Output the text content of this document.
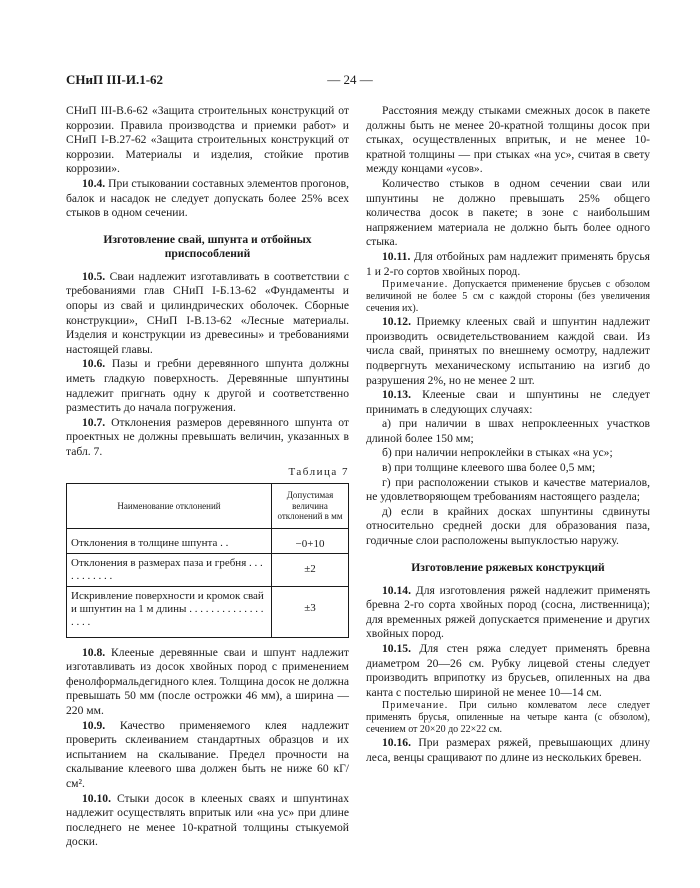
СНиП III-И.1-62	— 24 —

СНиП III-В.6-62 «Защита строительных конструкций от коррозии. Правила производства и приемки работ» и СНиП I-В.27-62 «Защита строительных конструкций от коррозии. Материалы и изделия, стойкие против коррозии».

10.4. При стыковании составных элементов прогонов, балок и насадок не следует допускать более 25% всех стыков в одном сечении.

Изготовление свай, шпунта и отбойных приспособлений

10.5. Сваи надлежит изготавливать в соответствии с требованиями глав СНиП I-Б.13-62 «Фундаменты и опоры из свай и цилиндрических оболочек. Сборные конструкции», СНиП I-В.13-62 «Лесные материалы. Изделия и конструкции из древесины» и требованиями настоящей главы.

10.6. Пазы и гребни деревянного шпунта должны иметь гладкую поверхность. Деревянные шпунтины надлежит пригнать одну к другой и соответственно разместить до начала погружения.

10.7. Отклонения размеров деревянного шпунта от проектных не должны превышать величин, указанных в табл. 7.

Таблица 7
Наименование отклонений	Допустимая величина отклонений в мм
Отклонения в толщине шпунта . .	−0+10
Отклонения в размерах паза и гребня . . . . . . . . . . .	±2
Искривление поверхности и кромок свай и шпунтин на 1 м длины . . . . . . . . . . . . . . . . . .	±3

10.8. Клееные деревянные сваи и шпунт надлежит изготавливать из досок хвойных пород с применением фенолформальдегидного клея. Толщина досок не должна превышать 50 мм (после острожки 46 мм), а ширина — 220 мм.

10.9. Качество применяемого клея надлежит проверить склеиванием стандартных образцов и их испытанием на скалывание. Предел прочности на скалывание клеевого шва должен быть не ниже 60 кГ/см².

10.10. Стыки досок в клееных сваях и шпунтинах надлежит осуществлять впритык или «на ус» при длине последнего не менее 10-кратной толщины стыкуемой доски.

Расстояния между стыками смежных досок в пакете должны быть не менее 20-кратной толщины досок при стыках, осуществленных впритык, и не менее 10-кратной толщины — при стыках «на ус», считая в свету между концами «усов».

Количество стыков в одном сечении сваи или шпунтины не должно превышать 25% общего количества досок в пакете; в зоне с наибольшим напряжением материала не должно быть более одного стыка.

10.11. Для отбойных рам надлежит применять брусья 1 и 2-го сортов хвойных пород.

Примечание. Допускается применение брусьев с обзолом величиной не более 5 см с каждой стороны (без увеличения сечения их).

10.12. Приемку клееных свай и шпунтин надлежит производить освидетельствованием каждой сваи. Из числа свай, принятых по внешнему осмотру, надлежит подвергнуть механическому испытанию на изгиб до разрушения 2%, но не менее 2 шт.

10.13. Клееные сваи и шпунтины не следует принимать в следующих случаях:

а) при наличии в швах непроклеенных участков длиной более 150 мм;

б) при наличии непроклейки в стыках «на ус»;

в) при толщине клеевого шва более 0,5 мм;

г) при расположении стыков и качестве материалов, не удовлетворяющем требованиям настоящего раздела;

д) если в крайних досках шпунтины сдвинуты относительно средней доски для образования паза, годичные слои расположены выпуклостью наружу.

Изготовление ряжевых конструкций

10.14. Для изготовления ряжей надлежит применять бревна 2-го сорта хвойных пород (сосна, лиственница); для временных ряжей допускается применение и других хвойных пород.

10.15. Для стен ряжа следует применять бревна диаметром 20—26 см. Рубку лицевой стены следует производить вприпотку из брусьев, опиленных на два канта с постелью шириной не менее 10—14 см.

Примечание. При сильно комлеватом лесе следует применять брусья, опиленные на четыре канта (с обзолом), сечением от 20×20 до 22×22 см.

10.16. При размерах ряжей, превышающих длину леса, венцы сращивают по длине из нескольких бревен.
